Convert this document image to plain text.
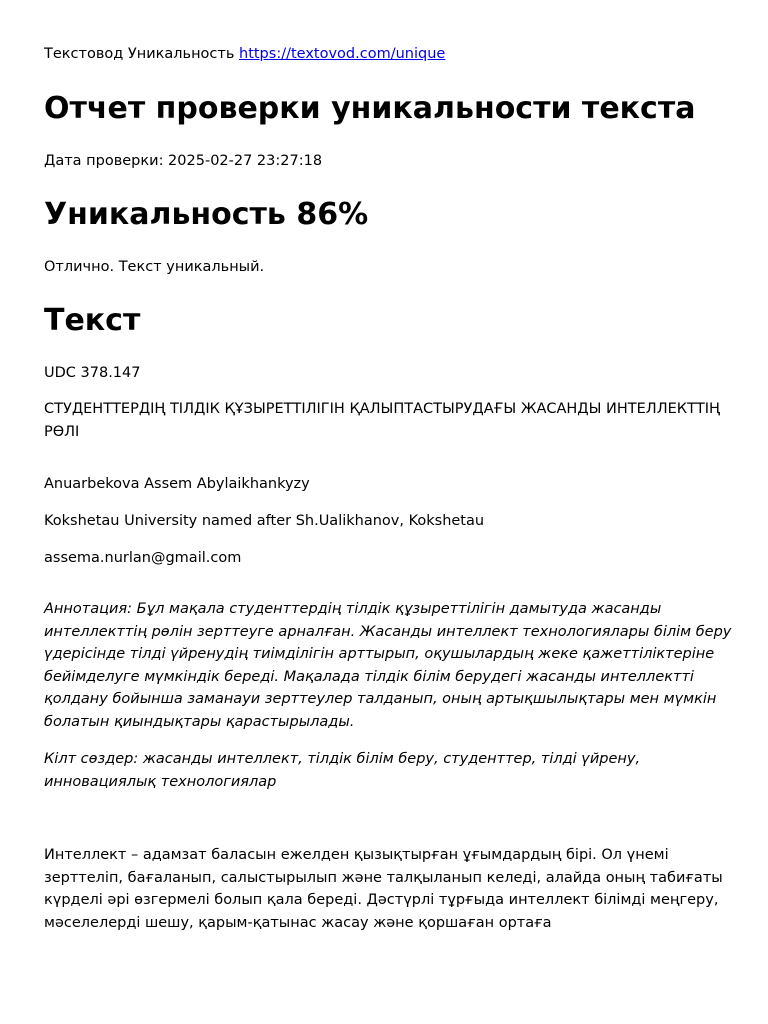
Текстовод Уникальность https://textovod.com/unique
Отчет проверки уникальности текста
Дата проверки: 2025-02-27 23:27:18
Уникальность 86%
Отлично. Текст уникальный.
Текст

UDC 378.147

СТУДЕНТТЕРДІҢ ТІЛДІК ҚҰЗЫРЕТТІЛІГІН ҚАЛЫПТАСТЫРУДАҒЫ ЖАСАНДЫ ИНТЕЛЛЕКТТІҢ РӨЛІ

Anuarbekova Assem Abylaikhankyzy

Kokshetau University named after Sh.Ualikhanov, Kokshetau

assema.nurlan@gmail.com

Аннотация: Бұл мақала студенттердің тілдік құзыреттілігін дамытуда жасанды интеллекттің рөлін зерттеуге арналған. Жасанды интеллект технологиялары білім беру үдерісінде тілді үйренудің тиімділігін арттырып, оқушылардың жеке қажеттіліктеріне бейімделуге мүмкіндік береді. Мақалада тілдік білім берудегі жасанды интеллектті қолдану бойынша заманауи зерттеулер талданып, оның артықшылықтары мен мүмкін болатын қиындықтары қарастырылады.

Кілт сөздер: жасанды интеллект, тілдік білім беру, студенттер, тілді үйрену, инновациялық технологиялар

Интеллект – адамзат баласын ежелден қызықтырған ұғымдардың бірі. Ол үнемі зерттеліп, бағаланып, салыстырылып және талқыланып келеді, алайда оның табиғаты күрделі әрі өзгермелі болып қала береді. Дәстүрлі тұрғыда интеллект білімді меңгеру, мәселелерді шешу, қарым-қатынас жасау және қоршаған ортаға
